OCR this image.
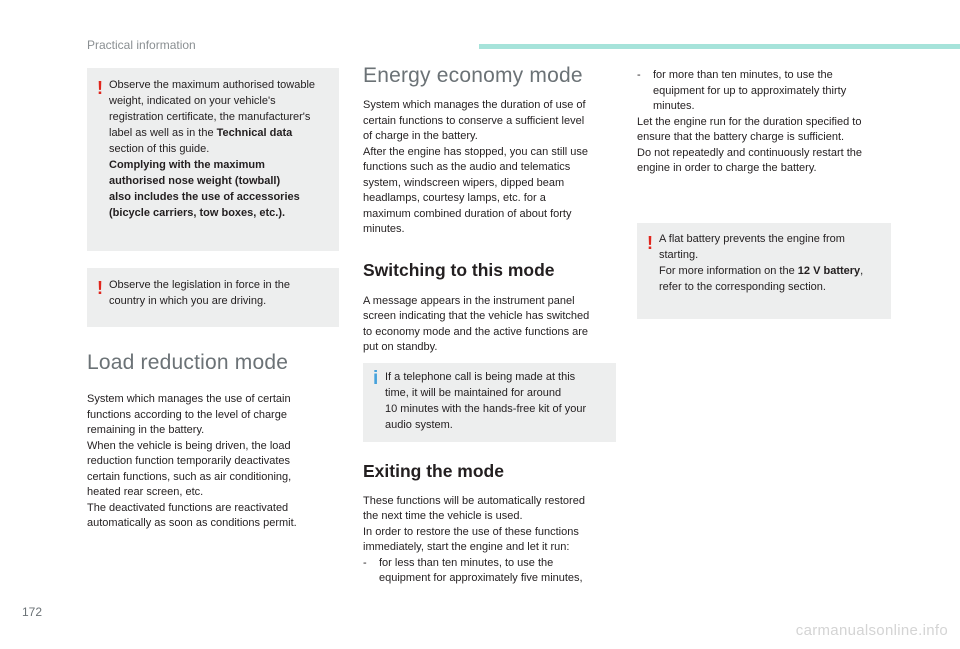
Practical information
! Observe the maximum authorised towable

weight, indicated on your vehicle's

registration certificate, the manufacturer's

label as well as in the Technical data

section of this guide.

Complying with the maximum

authorised nose weight (towball)

also includes the use of accessories

(bicycle carriers, tow boxes, etc.).

! Observe the legislation in force in the

country in which you are driving.

Load reduction mode

System which manages the use of certain

functions according to the level of charge

remaining in the battery.

When the vehicle is being driven, the load

reduction function temporarily deactivates

certain functions, such as air conditioning,

heated rear screen, etc.

The deactivated functions are reactivated

automatically as soon as conditions permit.

Energy economy mode

System which manages the duration of use of

certain functions to conserve a sufficient level

of charge in the battery.

After the engine has stopped, you can still use

functions such as the audio and telematics

system, windscreen wipers, dipped beam

headlamps, courtesy lamps, etc. for a

maximum combined duration of about forty

minutes.

Switching to this mode

A message appears in the instrument panel

screen indicating that the vehicle has switched

to economy mode and the active functions are

put on standby.

i If a telephone call is being made at this

time, it will be maintained for around

10 minutes with the hands-free kit of your

audio system.

Exiting the mode

These functions will be automatically restored

the next time the vehicle is used.

In order to restore the use of these functions

immediately, start the engine and let it run:

- for less than ten minutes, to use the

equipment for approximately five minutes,

- for more than ten minutes, to use the

equipment for up to approximately thirty

minutes.

Let the engine run for the duration specified to

ensure that the battery charge is sufficient.

Do not repeatedly and continuously restart the

engine in order to charge the battery.

! A flat battery prevents the engine from

starting.

For more information on the 12 V battery,

refer to the corresponding section.

172
carmanualsonline.info
